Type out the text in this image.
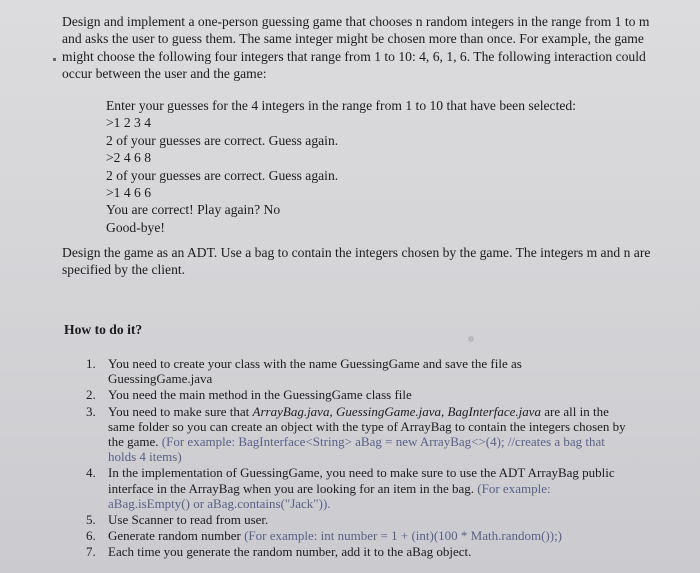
Design and implement a one-person guessing game that chooses n random integers in the range from 1 to m and asks the user to guess them. The same integer might be chosen more than once. For example, the game might choose the following four integers that range from 1 to 10: 4, 6, 1, 6. The following interaction could occur between the user and the game:

Enter your guesses for the 4 integers in the range from 1 to 10 that have been selected:
>1 2 3 4
2 of your guesses are correct. Guess again.
>2 4 6 8
2 of your guesses are correct. Guess again.
>1 4 6 6
You are correct! Play again? No
Good-bye!
Design the game as an ADT. Use a bag to contain the integers chosen by the game. The integers m and n are specified by the client.
How to do it?
1. You need to create your class with the name GuessingGame and save the file as GuessingGame.java
2. You need the main method in the GuessingGame class file
3. You need to make sure that ArrayBag.java, GuessingGame.java, BagInterface.java are all in the same folder so you can create an object with the type of ArrayBag to contain the integers chosen by the game. (For example: BagInterface<String> aBag = new ArrayBag<>(4); //creates a bag that holds 4 items)
4. In the implementation of GuessingGame, you need to make sure to use the ADT ArrayBag public interface in the ArrayBag when you are looking for an item in the bag. (For example: aBag.isEmpty() or aBag.contains("Jack")).
5. Use Scanner to read from user.
6. Generate random number (For example: int number = 1 + (int)(100 * Math.random());)
7. Each time you generate the random number, add it to the aBag object.
